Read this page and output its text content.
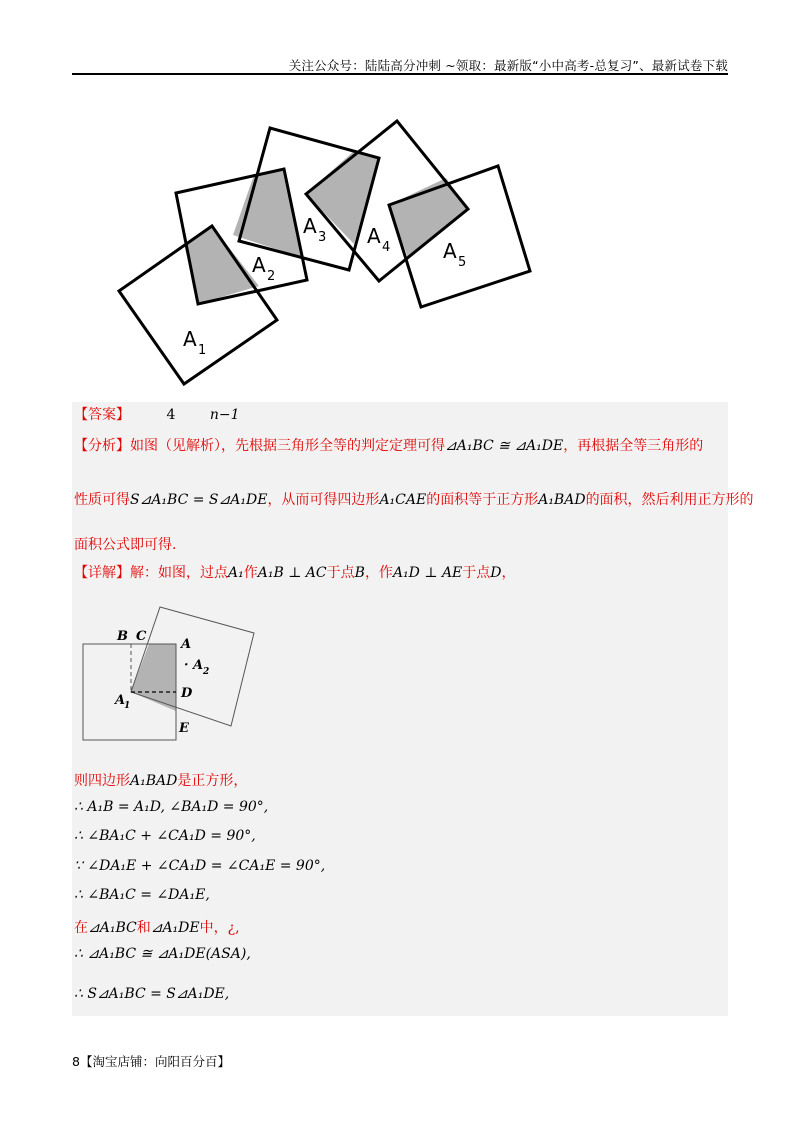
关注公众号：陆陆高分冲刺 ~领取：最新版“小中高考-总复习”、最新试卷下载
A 1
A 2
A 3 A 4	A 5
【答案】	4 n−1
【分析】如图（见解析），先根据三角形全等的判定定理可得⊿A₁BC ≅ ⊿A₁DE，再根据全等三角形的
性质可得S⊿A₁BC = S⊿A₁DE，从而可得四边形A₁CAE的面积等于正方形A₁BAD的面积，然后利用正方形的
面积公式即可得.
【详解】解：如图，过点A₁作A₁B ⊥ AC于点B，作A₁D ⊥ AE于点D，
B C
A
· A 2
A
1
D
E
则四边形A₁BAD是正方形，
∴ A₁B = A₁D, ∠BA₁D = 90°,
∴ ∠BA₁C + ∠CA₁D = 90°,
∵ ∠DA₁E + ∠CA₁D = ∠CA₁E = 90°,
∴ ∠BA₁C = ∠DA₁E,
在⊿A₁BC和⊿A₁DE中，¿,
∴ ⊿A₁BC ≅ ⊿A₁DE(ASA),
∴ S⊿A₁BC = S⊿A₁DE,
8【淘宝店铺：向阳百分百】
